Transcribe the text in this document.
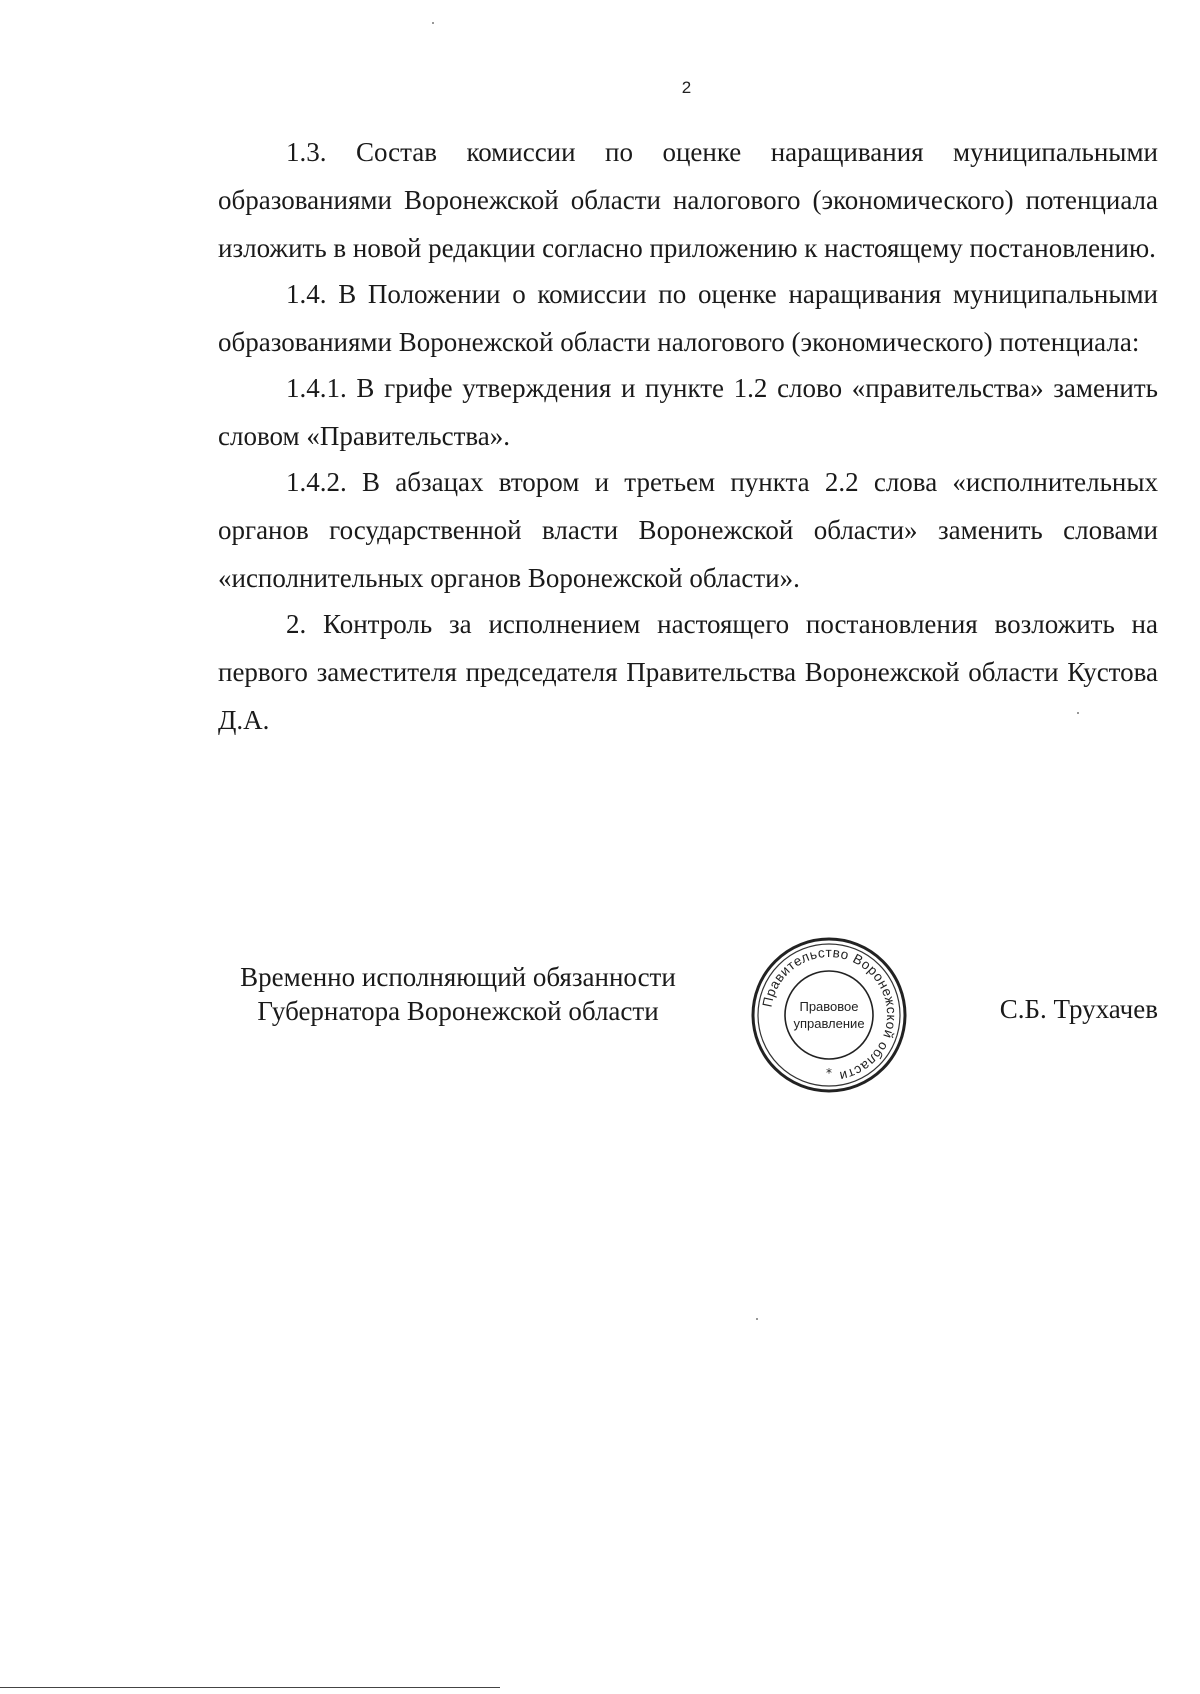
2

1.3. Состав комиссии по оценке наращивания муниципальными образованиями Воронежской области налогового (экономического) потенциала изложить в новой редакции согласно приложению к настоящему постановлению.

1.4. В Положении о комиссии по оценке наращивания муниципальными образованиями Воронежской области налогового (экономического) потенциала:

1.4.1. В грифе утверждения и пункте 1.2 слово «правительства» заменить словом «Правительства».

1.4.2. В абзацах втором и третьем пункта 2.2 слова «исполнительных органов государственной власти Воронежской области» заменить словами «исполнительных органов Воронежской области».

2. Контроль за исполнением настоящего постановления возложить на первого заместителя председателя Правительства Воронежской области Кустова Д.А.

Временно исполняющий обязанности
Губернатора Воронежской области	Правительство Воронежской области
Правовое
управление
*
С.Б. Трухачев
